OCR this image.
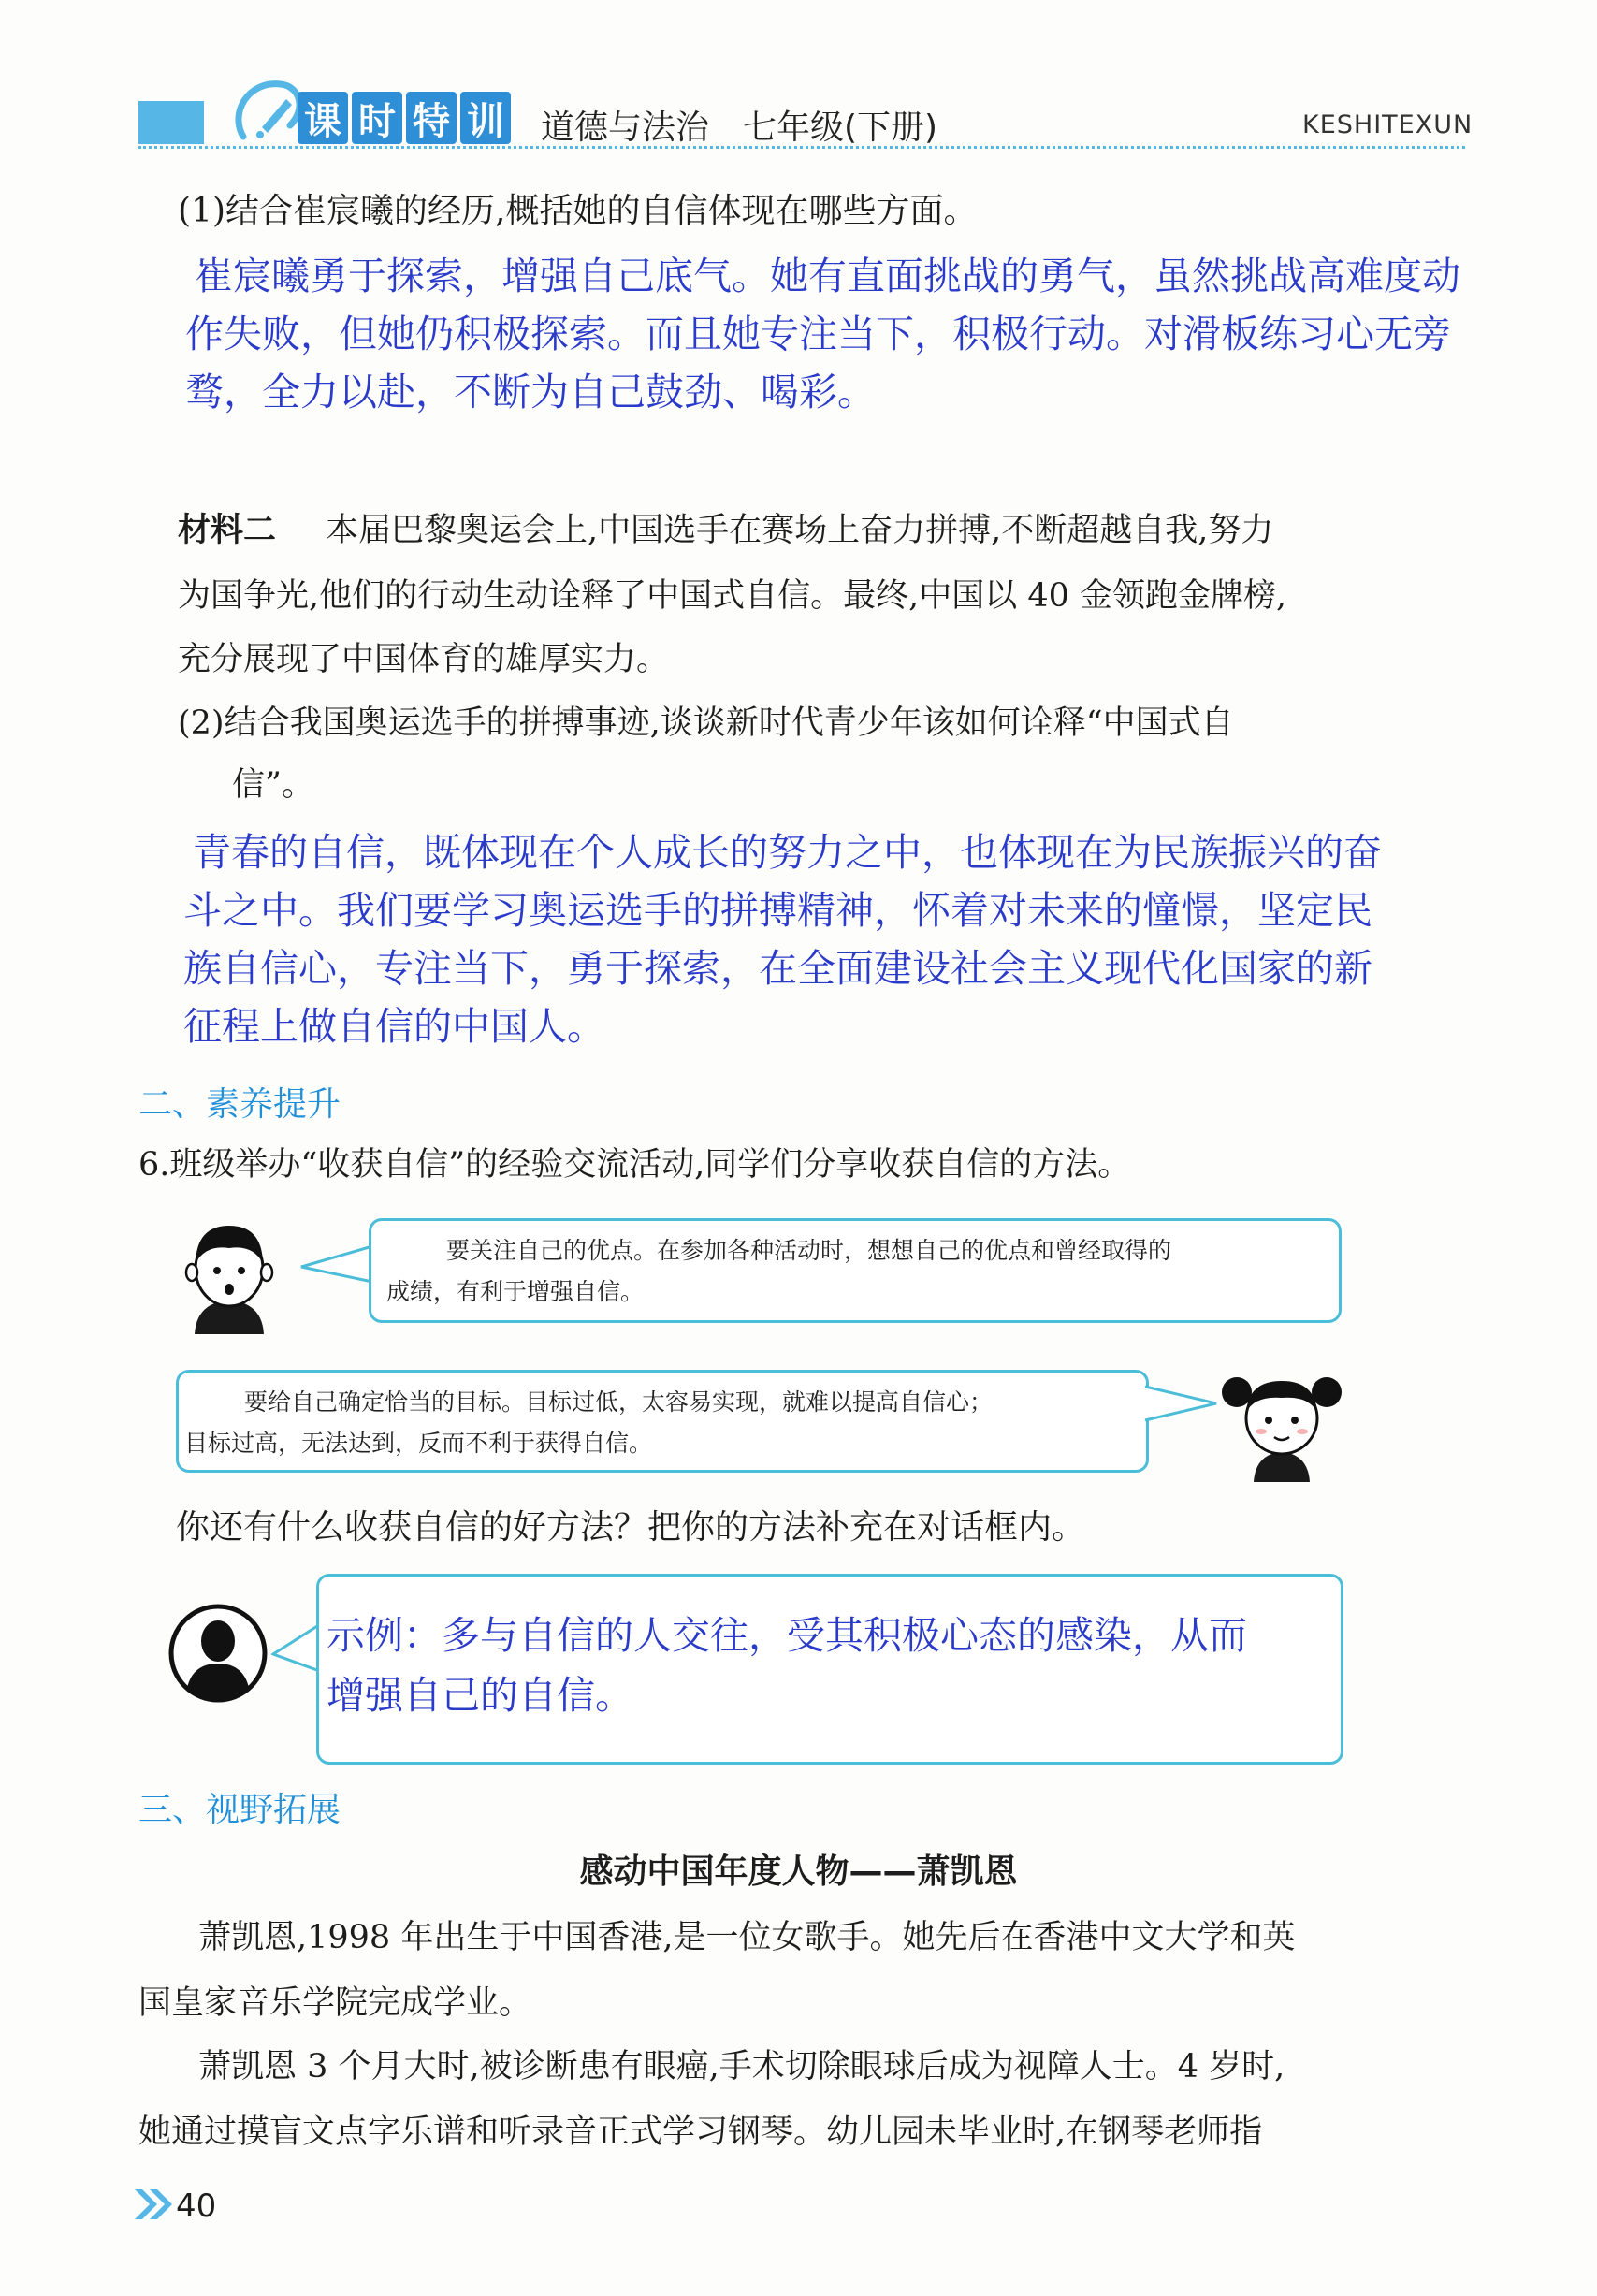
课 时 特 训 道德与法治　七年级(下册)	KESHITEXUN
(1)结合崔宸曦的经历,概括她的自信体现在哪些方面。
崔宸曦勇于探索，增强自己底气。她有直面挑战的勇气，虽然挑战高难度动
作失败，但她仍积极探索。而且她专注当下，积极行动。对滑板练习心无旁
骛，全力以赴，不断为自己鼓劲、喝彩。
材料二 本届巴黎奥运会上,中国选手在赛场上奋力拼搏,不断超越自我,努力
为国争光,他们的行动生动诠释了中国式自信。最终,中国以 40 金领跑金牌榜,
充分展现了中国体育的雄厚实力。
(2)结合我国奥运选手的拼搏事迹,谈谈新时代青少年该如何诠释“中国式自
信”。
青春的自信，既体现在个人成长的努力之中，也体现在为民族振兴的奋
斗之中。我们要学习奥运选手的拼搏精神，怀着对未来的憧憬，坚定民
族自信心，专注当下，勇于探索，在全面建设社会主义现代化国家的新
征程上做自信的中国人。
二、素养提升
6.班级举办“收获自信”的经验交流活动,同学们分享收获自信的方法。
要关注自己的优点。在参加各种活动时，想想自己的优点和曾经取得的
成绩，有利于增强自信。
要给自己确定恰当的目标。目标过低，太容易实现，就难以提高自信心；
目标过高，无法达到，反而不利于获得自信。
你还有什么收获自信的好方法？把你的方法补充在对话框内。
示例：多与自信的人交往，受其积极心态的感染，从而
增强自己的自信。
三、视野拓展
感动中国年度人物——萧凯恩
萧凯恩,1998 年出生于中国香港,是一位女歌手。她先后在香港中文大学和英
国皇家音乐学院完成学业。
萧凯恩 3 个月大时,被诊断患有眼癌,手术切除眼球后成为视障人士。4 岁时,
她通过摸盲文点字乐谱和听录音正式学习钢琴。幼儿园未毕业时,在钢琴老师指
40
